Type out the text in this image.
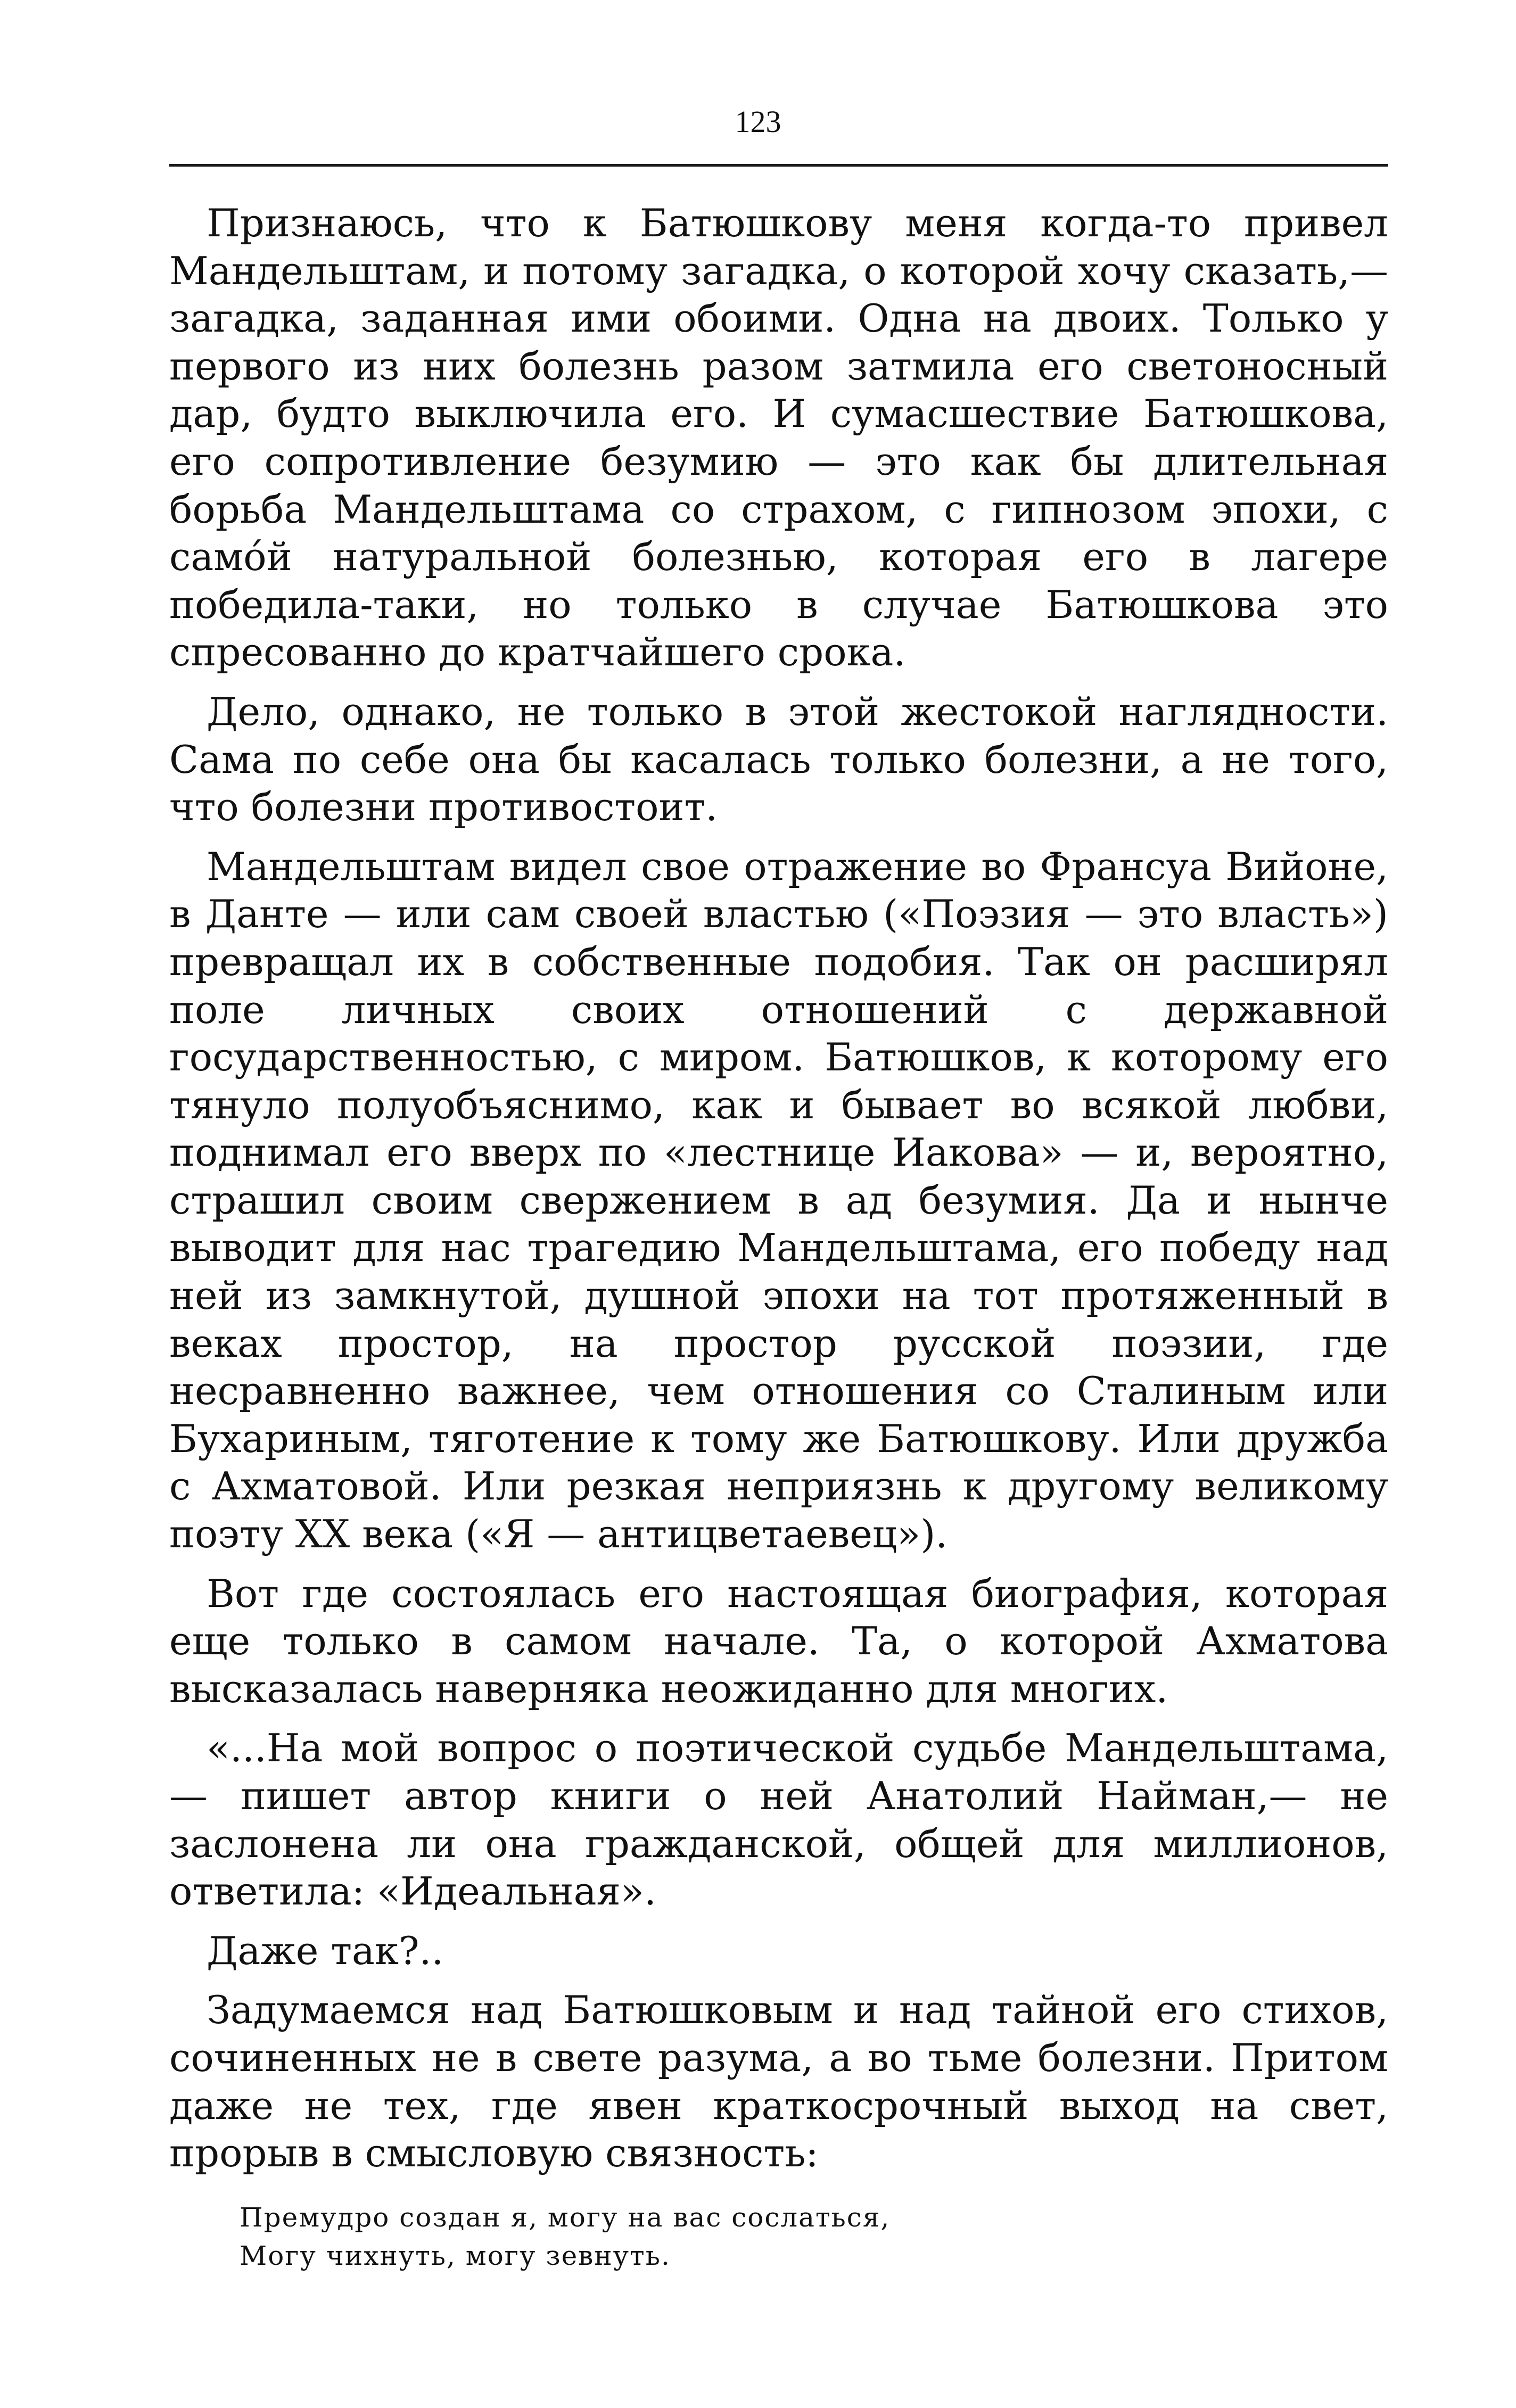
123

Признаюсь, что к Батюшкову меня когда-то привел Мандельштам, и потому загадка, о которой хочу сказать,— загадка, заданная ими обоими. Одна на двоих. Только у первого из них болезнь разом затмила его светоносный дар, будто выключила его. И сумасшествие Батюшкова, его сопротивление безумию — это как бы длительная борьба Мандельштама со страхом, с гипнозом эпохи, с само́й натуральной болезнью, которая его в лагере победила-таки, но только в случае Батюшкова это спресованно до кратчайшего срока.

Дело, однако, не только в этой жестокой наглядности. Сама по себе она бы касалась только болезни, а не того, что болезни противостоит.

Мандельштам видел свое отражение во Франсуа Вийоне, в Данте — или сам своей властью («Поэзия — это власть») превращал их в собственные подобия. Так он расширял поле личных своих отношений с державной государственностью, с миром. Батюшков, к которому его тянуло полуобъяснимо, как и бывает во всякой любви, поднимал его вверх по «лестнице Иакова» — и, вероятно, страшил своим свержением в ад безумия. Да и нынче выводит для нас трагедию Мандельштама, его победу над ней из замкнутой, душной эпохи на тот протяженный в веках простор, на простор русской поэзии, где несравненно важнее, чем отношения со Сталиным или Бухариным, тяготение к тому же Батюшкову. Или дружба с Ахматовой. Или резкая неприязнь к другому великому поэту XX века («Я — антицветаевец»).

Вот где состоялась его настоящая биография, которая еще только в самом начале. Та, о которой Ахматова высказалась наверняка неожиданно для многих.

«...На мой вопрос о поэтической судьбе Мандельштама,— пишет автор книги о ней Анатолий Найман,— не заслонена ли она гражданской, общей для миллионов, ответила: «Идеальная».

Даже так?..

Задумаемся над Батюшковым и над тайной его стихов, сочиненных не в свете разума, а во тьме болезни. Притом даже не тех, где явен краткосрочный выход на свет, прорыв в смысловую связность:

Премудро создан я, могу на вас сослаться,
Могу чихнуть, могу зевнуть.
